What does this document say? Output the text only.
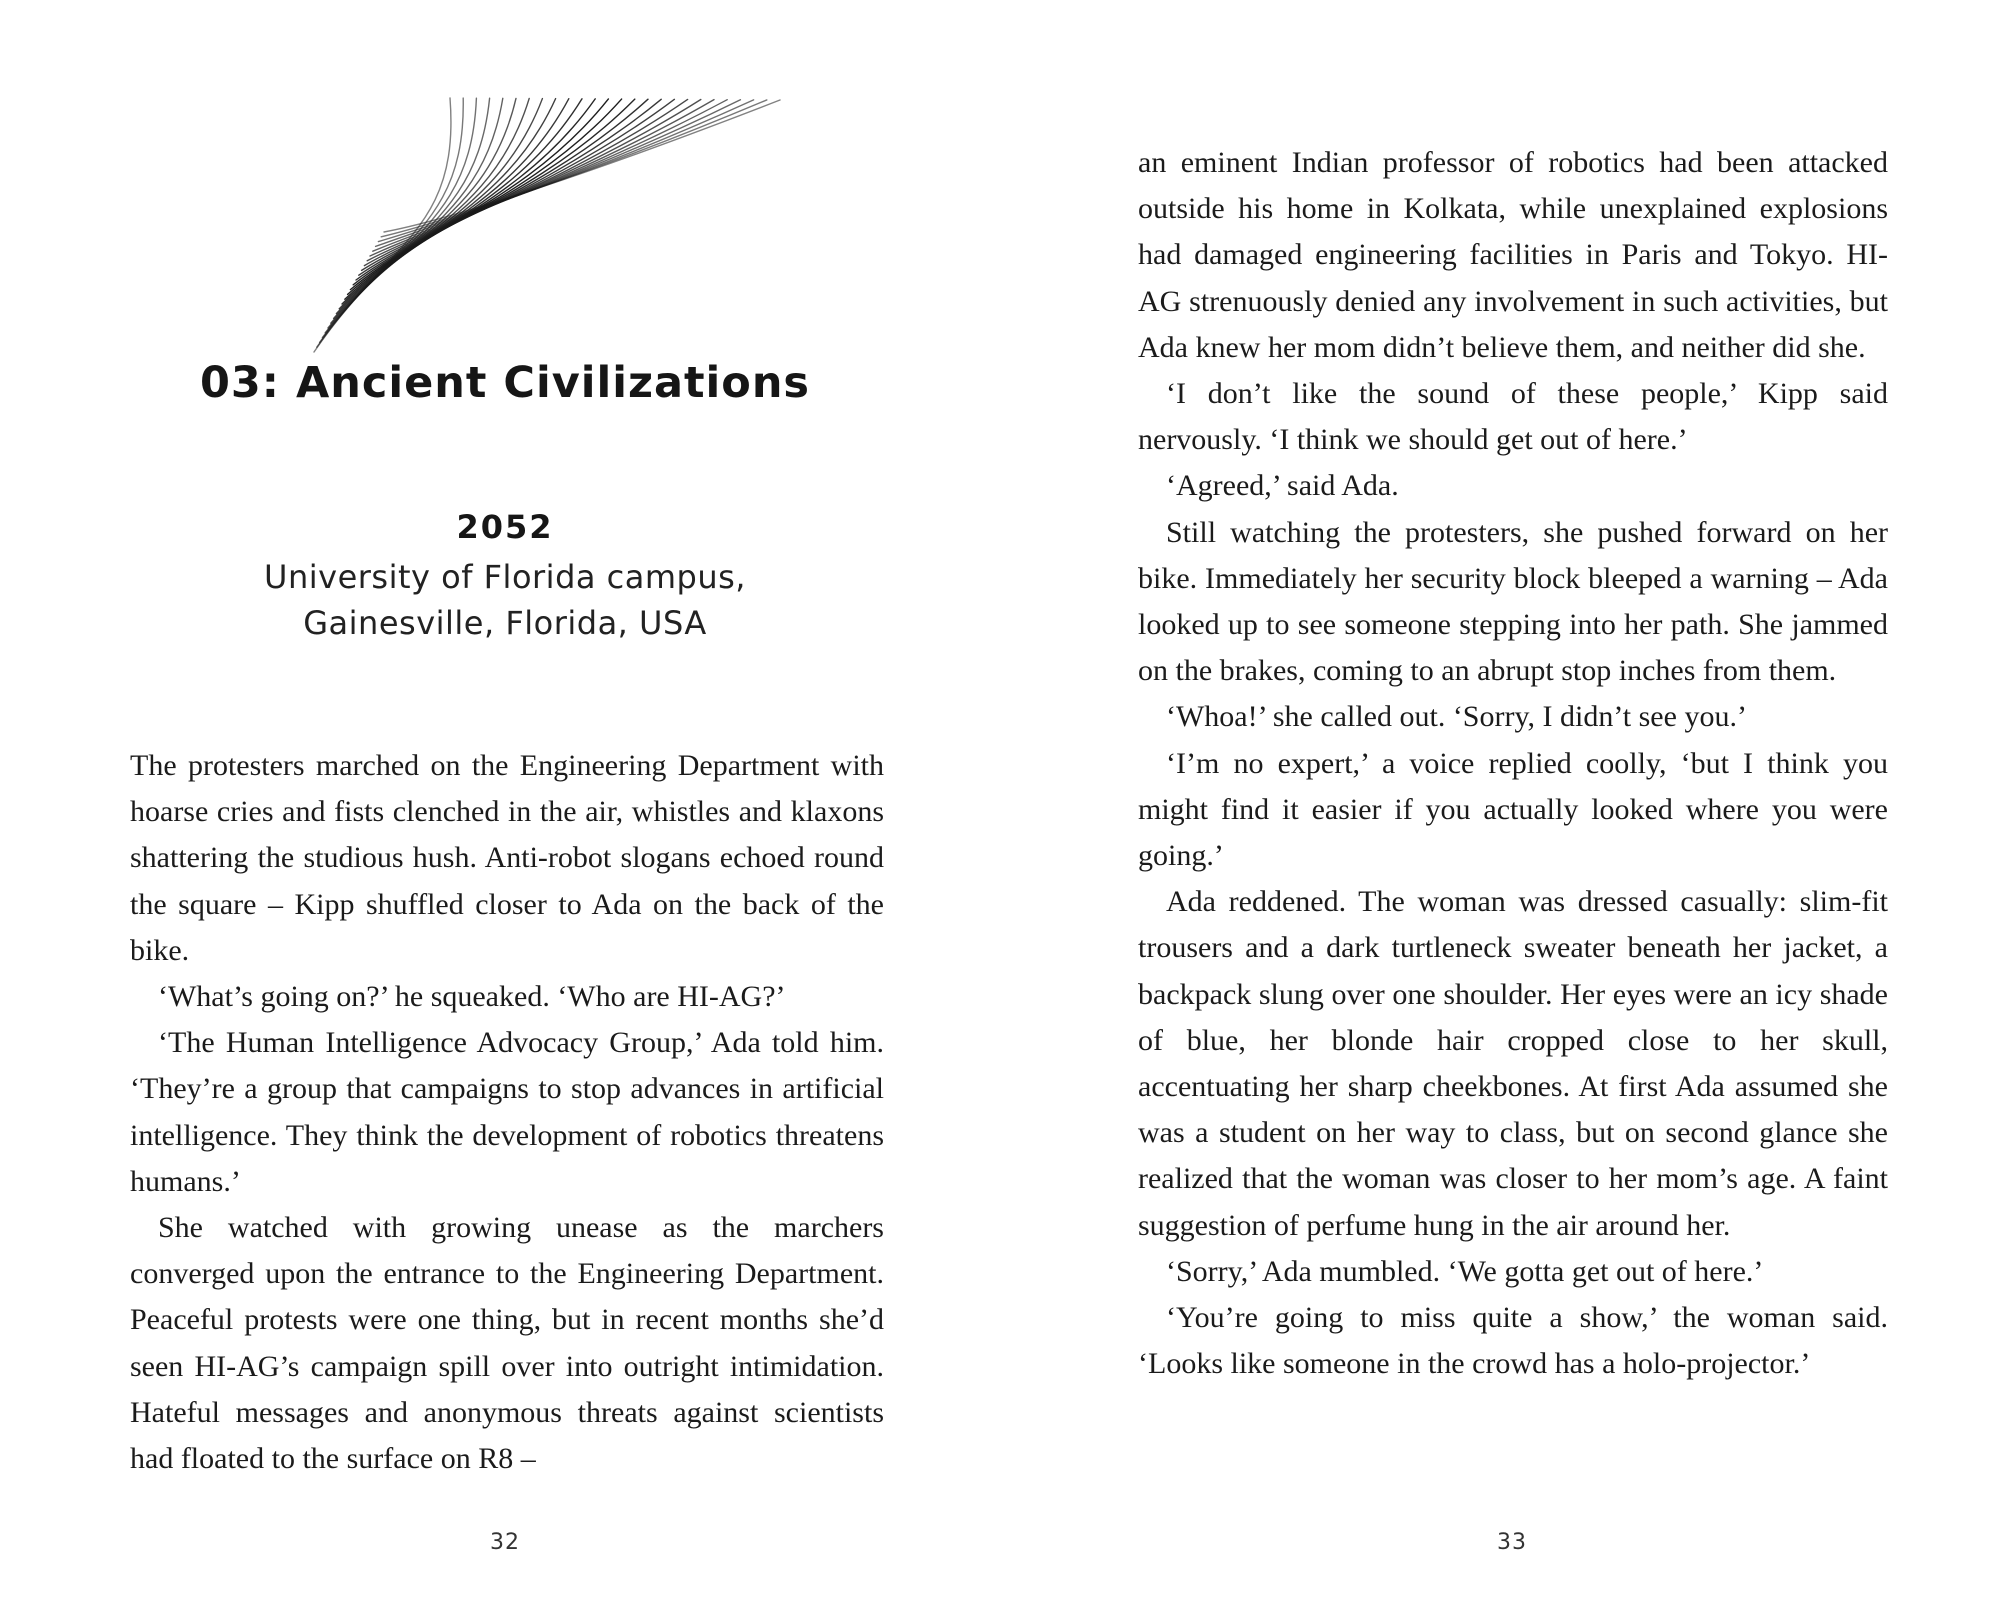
03: Ancient Civilizations
2052
University of Florida campus,
Gainesville, Florida, USA

The protesters marched on the Engineering Department with hoarse cries and fists clenched in the air, whistles and klaxons shattering the studious hush. Anti-robot slogans echoed round the square – Kipp shuffled closer to Ada on the back of the bike.

‘What’s going on?’ he squeaked. ‘Who are HI-AG?’

‘The Human Intelligence Advocacy Group,’ Ada told him. ‘They’re a group that campaigns to stop advances in artificial intelligence. They think the development of robotics threatens humans.’

She watched with growing unease as the marchers converged upon the entrance to the Engineering Department. Peaceful protests were one thing, but in recent months she’d seen HI-AG’s campaign spill over into outright intimidation. Hateful messages and anonymous threats against scientists had floated to the surface on R8 –

32

an eminent Indian professor of robotics had been attacked outside his home in Kolkata, while unexplained explosions had damaged engineering facilities in Paris and Tokyo. HI-AG strenuously denied any involvement in such activities, but Ada knew her mom didn’t believe them, and neither did she.

‘I don’t like the sound of these people,’ Kipp said nervously. ‘I think we should get out of here.’

‘Agreed,’ said Ada.

Still watching the protesters, she pushed forward on her bike. Immediately her security block bleeped a warning – Ada looked up to see someone stepping into her path. She jammed on the brakes, coming to an abrupt stop inches from them.

‘Whoa!’ she called out. ‘Sorry, I didn’t see you.’

‘I’m no expert,’ a voice replied coolly, ‘but I think you might find it easier if you actually looked where you were going.’

Ada reddened. The woman was dressed casually: slim-fit trousers and a dark turtleneck sweater beneath her jacket, a backpack slung over one shoulder. Her eyes were an icy shade of blue, her blonde hair cropped close to her skull, accentuating her sharp cheekbones. At first Ada assumed she was a student on her way to class, but on second glance she realized that the woman was closer to her mom’s age. A faint suggestion of perfume hung in the air around her.

‘Sorry,’ Ada mumbled. ‘We gotta get out of here.’

‘You’re going to miss quite a show,’ the woman said. ‘Looks like someone in the crowd has a holo-projector.’

33
